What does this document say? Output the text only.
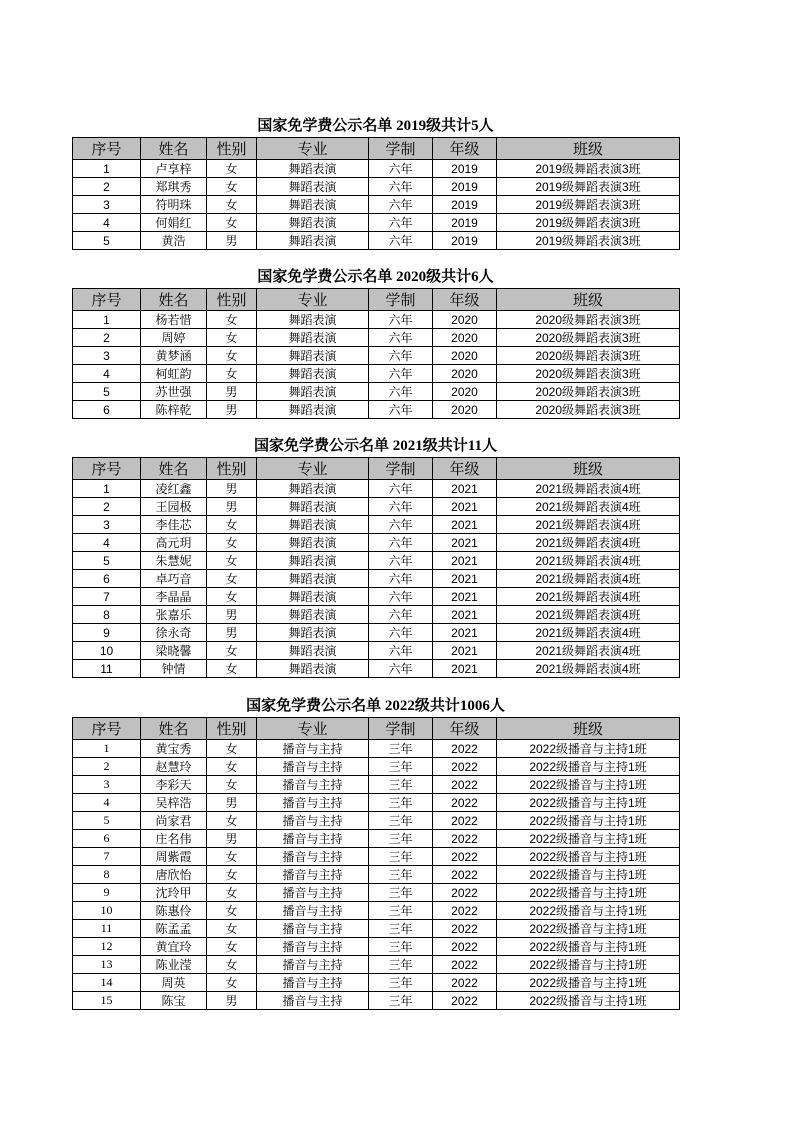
国家免学费公示名单 2019级共计5人
序号	姓名	性别	专业	学制	年级	班级
1	卢享梓	女	舞蹈表演	六年	2019	2019级舞蹈表演3班
2	郑琪秀	女	舞蹈表演	六年	2019	2019级舞蹈表演3班
3	符明珠	女	舞蹈表演	六年	2019	2019级舞蹈表演3班
4	何娟红	女	舞蹈表演	六年	2019	2019级舞蹈表演3班
5	黄浩	男	舞蹈表演	六年	2019	2019级舞蹈表演3班
国家免学费公示名单 2020级共计6人
序号	姓名	性别	专业	学制	年级	班级
1	杨若惜	女	舞蹈表演	六年	2020	2020级舞蹈表演3班
2	周婷	女	舞蹈表演	六年	2020	2020级舞蹈表演3班
3	黄梦涵	女	舞蹈表演	六年	2020	2020级舞蹈表演3班
4	柯虹韵	女	舞蹈表演	六年	2020	2020级舞蹈表演3班
5	苏世强	男	舞蹈表演	六年	2020	2020级舞蹈表演3班
6	陈梓乾	男	舞蹈表演	六年	2020	2020级舞蹈表演3班
国家免学费公示名单 2021级共计11人
序号	姓名	性别	专业	学制	年级	班级
1	凌红鑫	男	舞蹈表演	六年	2021	2021级舞蹈表演4班
2	王园极	男	舞蹈表演	六年	2021	2021级舞蹈表演4班
3	李佳芯	女	舞蹈表演	六年	2021	2021级舞蹈表演4班
4	高元玥	女	舞蹈表演	六年	2021	2021级舞蹈表演4班
5	朱慧妮	女	舞蹈表演	六年	2021	2021级舞蹈表演4班
6	卓巧音	女	舞蹈表演	六年	2021	2021级舞蹈表演4班
7	李晶晶	女	舞蹈表演	六年	2021	2021级舞蹈表演4班
8	张嘉乐	男	舞蹈表演	六年	2021	2021级舞蹈表演4班
9	徐永奇	男	舞蹈表演	六年	2021	2021级舞蹈表演4班
10	梁晓馨	女	舞蹈表演	六年	2021	2021级舞蹈表演4班
11	钟情	女	舞蹈表演	六年	2021	2021级舞蹈表演4班
国家免学费公示名单 2022级共计1006人
序号	姓名	性别	专业	学制	年级	班级
1	黄宝秀	女	播音与主持	三年	2022	2022级播音与主持1班
2	赵慧玲	女	播音与主持	三年	2022	2022级播音与主持1班
3	李彩天	女	播音与主持	三年	2022	2022级播音与主持1班
4	吴梓浩	男	播音与主持	三年	2022	2022级播音与主持1班
5	尚家君	女	播音与主持	三年	2022	2022级播音与主持1班
6	庄名伟	男	播音与主持	三年	2022	2022级播音与主持1班
7	周紫霞	女	播音与主持	三年	2022	2022级播音与主持1班
8	唐欣怡	女	播音与主持	三年	2022	2022级播音与主持1班
9	沈玲甲	女	播音与主持	三年	2022	2022级播音与主持1班
10	陈惠伶	女	播音与主持	三年	2022	2022级播音与主持1班
11	陈孟孟	女	播音与主持	三年	2022	2022级播音与主持1班
12	黄宜玲	女	播音与主持	三年	2022	2022级播音与主持1班
13	陈业滢	女	播音与主持	三年	2022	2022级播音与主持1班
14	周英	女	播音与主持	三年	2022	2022级播音与主持1班
15	陈宝	男	播音与主持	三年	2022	2022级播音与主持1班
